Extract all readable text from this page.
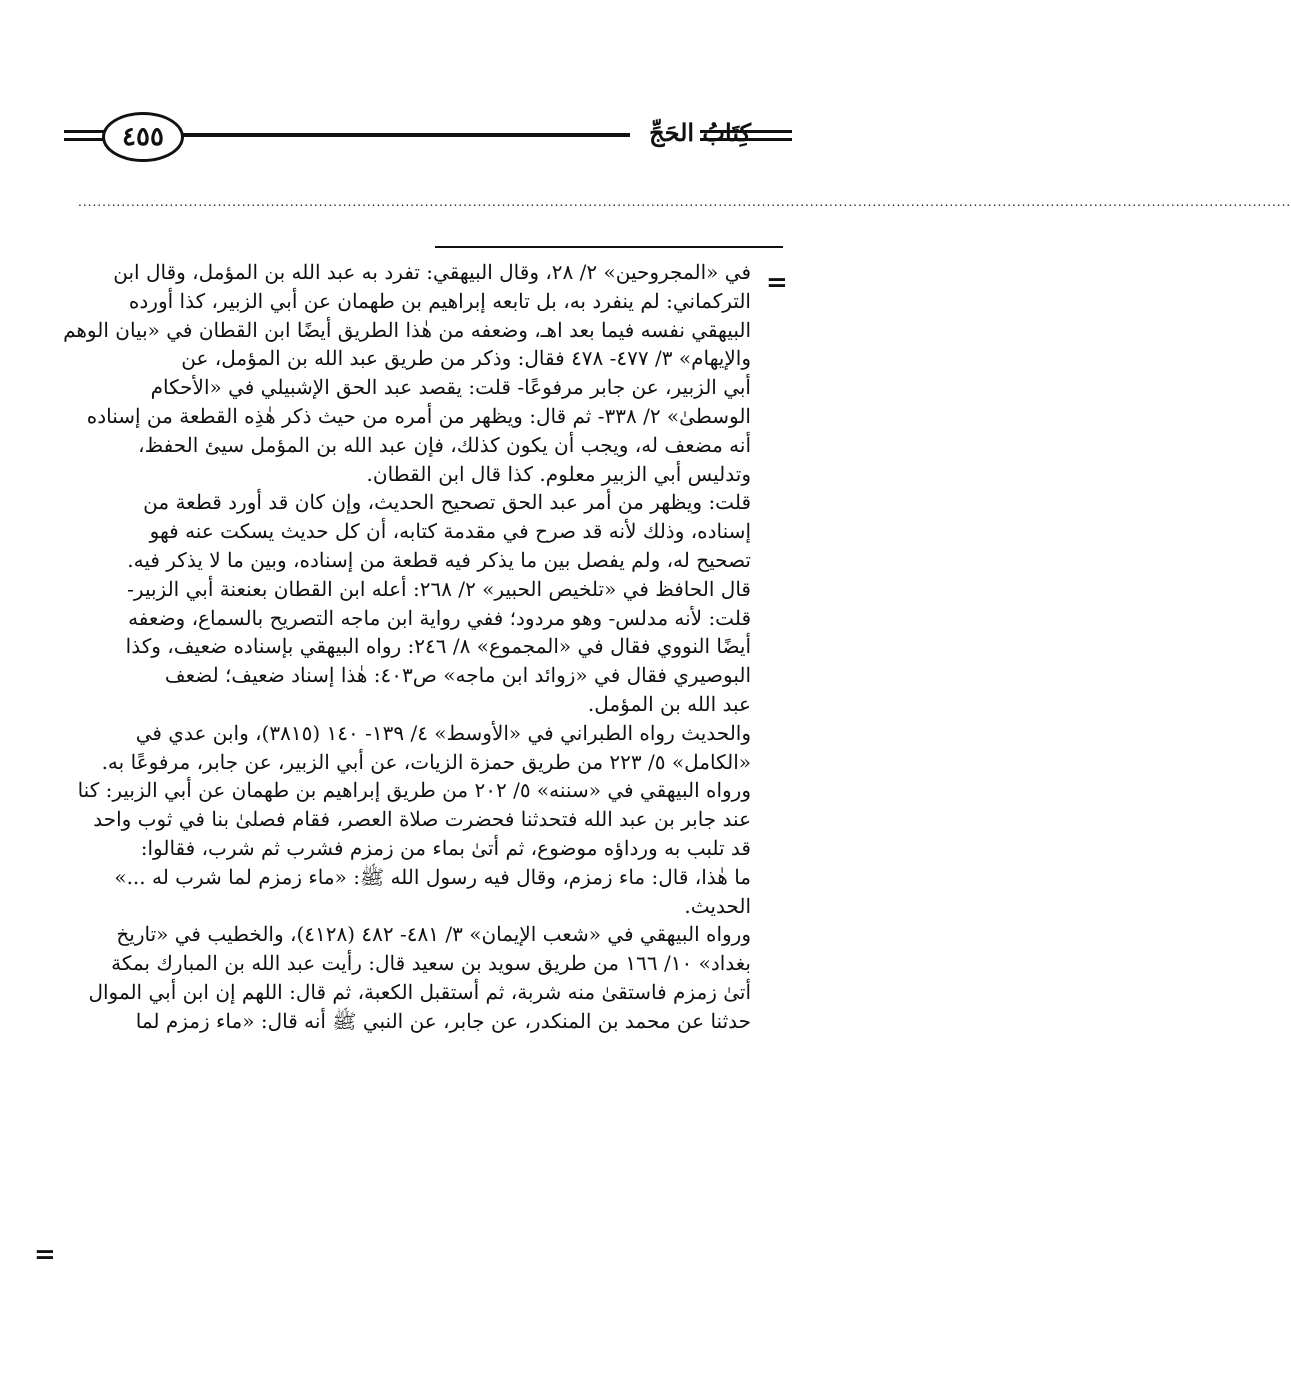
كِتَابُ الحَجِّ
٤٥٥
............................................................................................................................................................................................................................................................
=
=
في «المجروحين» ٢/ ٢٨، وقال البيهقي: تفرد به عبد الله بن المؤمل، وقال ابن
التركماني: لم ينفرد به، بل تابعه إبراهيم بن طهمان عن أبي الزبير، كذا أورده
البيهقي نفسه فيما بعد اهـ، وضعفه من هٰذا الطريق أيضًا ابن القطان في «بيان الوهم
والإيهام» ٣/ ٤٧٧- ٤٧٨ فقال: وذكر من طريق عبد الله بن المؤمل، عن
أبي الزبير، عن جابر مرفوعًا- قلت: يقصد عبد الحق الإشبيلي في «الأحكام
الوسطىٰ» ٢/ ٣٣٨- ثم قال: ويظهر من أمره من حيث ذكر هٰذِه القطعة من إسناده
أنه مضعف له، ويجب أن يكون كذلك، فإن عبد الله بن المؤمل سيئ الحفظ،
وتدليس أبي الزبير معلوم. كذا قال ابن القطان.
قلت: ويظهر من أمر عبد الحق تصحيح الحديث، وإن كان قد أورد قطعة من
إسناده، وذلك لأنه قد صرح في مقدمة كتابه، أن كل حديث يسكت عنه فهو
تصحيح له، ولم يفصل بين ما يذكر فيه قطعة من إسناده، وبين ما لا يذكر فيه.
قال الحافظ في «تلخيص الحبير» ٢/ ٢٦٨: أعله ابن القطان بعنعنة أبي الزبير-
قلت: لأنه مدلس- وهو مردود؛ ففي رواية ابن ماجه التصريح بالسماع، وضعفه
أيضًا النووي فقال في «المجموع» ٨/ ٢٤٦: رواه البيهقي بإسناده ضعيف، وكذا
البوصيري فقال في «زوائد ابن ماجه» ص٤٠٣: هٰذا إسناد ضعيف؛ لضعف
عبد الله بن المؤمل.
والحديث رواه الطبراني في «الأوسط» ٤/ ١٣٩- ١٤٠ (٣٨١٥)، وابن عدي في
«الكامل» ٥/ ٢٢٣ من طريق حمزة الزيات، عن أبي الزبير، عن جابر، مرفوعًا به.
ورواه البيهقي في «سننه» ٥/ ٢٠٢ من طريق إبراهيم بن طهمان عن أبي الزبير: كنا
عند جابر بن عبد الله فتحدثنا فحضرت صلاة العصر، فقام فصلىٰ بنا في ثوب واحد
قد تلبب به ورداؤه موضوع، ثم أتىٰ بماء من زمزم فشرب ثم شرب، فقالوا:
ما هٰذا، قال: ماء زمزم، وقال فيه رسول الله ﷺ: «ماء زمزم لما شرب له ...»
الحديث.
ورواه البيهقي في «شعب الإيمان» ٣/ ٤٨١- ٤٨٢ (٤١٢٨)، والخطيب في «تاريخ
بغداد» ١٠/ ١٦٦ من طريق سويد بن سعيد قال: رأيت عبد الله بن المبارك بمكة
أتىٰ زمزم فاستقىٰ منه شربة، ثم أستقبل الكعبة، ثم قال: اللهم إن ابن أبي الموال
حدثنا عن محمد بن المنكدر، عن جابر، عن النبي ﷺ أنه قال: «ماء زمزم لما
